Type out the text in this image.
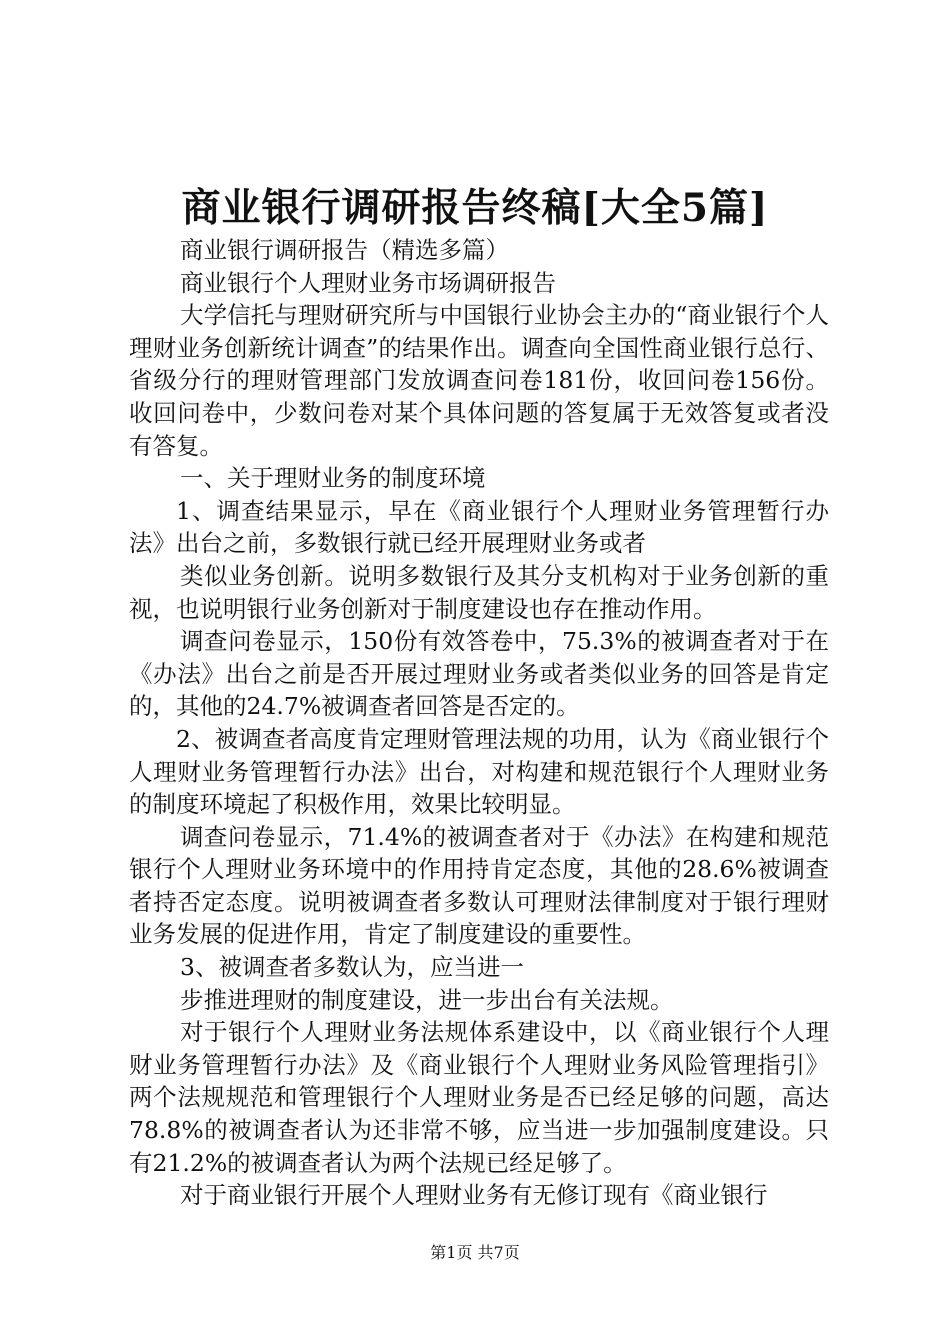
商业银行调研报告终稿[大全5篇]

商业银行调研报告（精选多篇）

商业银行个人理财业务市场调研报告

大学信托与理财研究所与中国银行业协会主办的“商业银行个人理财业务创新统计调查”的结果作出。调查向全国性商业银行总行、省级分行的理财管理部门发放调查问卷181份，收回问卷156份。收回问卷中，少数问卷对某个具体问题的答复属于无效答复或者没有答复。

一、关于理财业务的制度环境

1、调查结果显示，早在《商业银行个人理财业务管理暂行办法》出台之前，多数银行就已经开展理财业务或者

类似业务创新。说明多数银行及其分支机构对于业务创新的重视，也说明银行业务创新对于制度建设也存在推动作用。

调查问卷显示，150份有效答卷中，75.3%的被调查者对于在《办法》出台之前是否开展过理财业务或者类似业务的回答是肯定的，其他的24.7%被调查者回答是否定的。

2、被调查者高度肯定理财管理法规的功用，认为《商业银行个人理财业务管理暂行办法》出台，对构建和规范银行个人理财业务的制度环境起了积极作用，效果比较明显。

调查问卷显示，71.4%的被调查者对于《办法》在构建和规范银行个人理财业务环境中的作用持肯定态度，其他的28.6%被调查者持否定态度。说明被调查者多数认可理财法律制度对于银行理财业务发展的促进作用，肯定了制度建设的重要性。

3、被调查者多数认为，应当进一

步推进理财的制度建设，进一步出台有关法规。

对于银行个人理财业务法规体系建设中，以《商业银行个人理财业务管理暂行办法》及《商业银行个人理财业务风险管理指引》两个法规规范和管理银行个人理财业务是否已经足够的问题，高达78.8%的被调查者认为还非常不够，应当进一步加强制度建设。只有21.2%的被调查者认为两个法规已经足够了。

对于商业银行开展个人理财业务有无修订现有《商业银行

第1页 共7页
